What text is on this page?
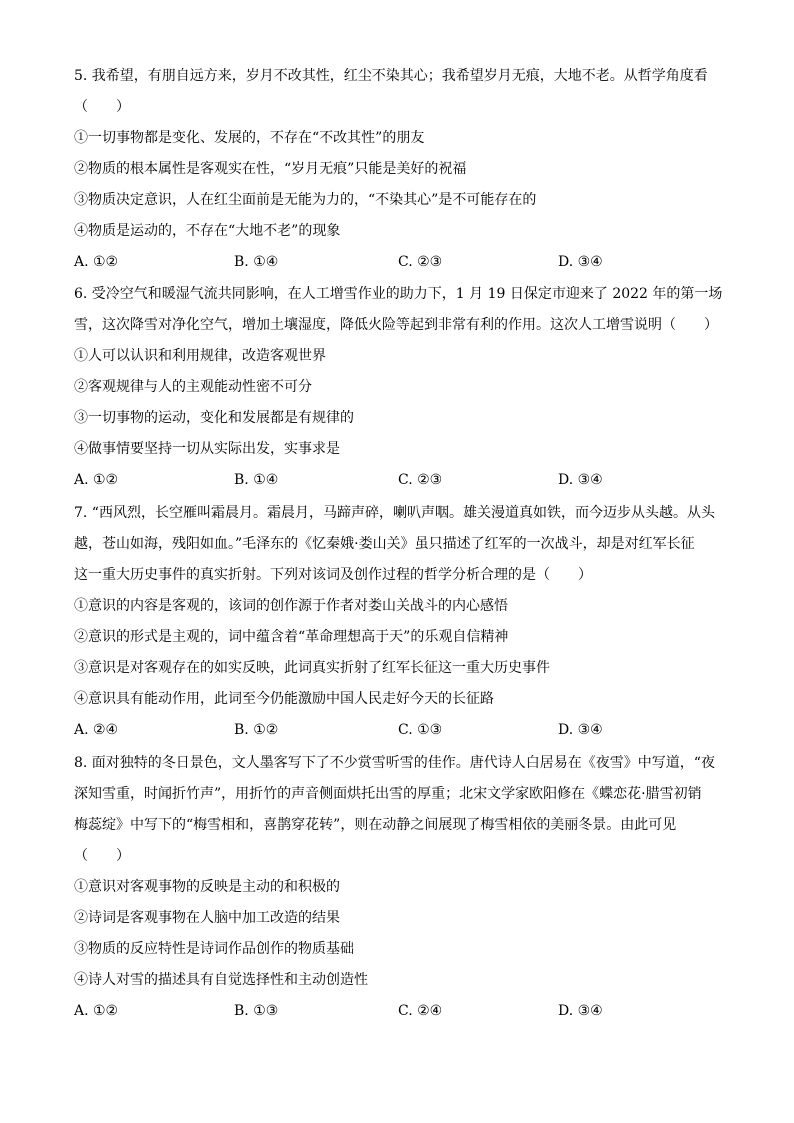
5. 我希望，有朋自远方来，岁月不改其性，红尘不染其心；我希望岁月无痕，大地不老。从哲学角度看
（　　）
①一切事物都是变化、发展的，不存在“不改其性”的朋友
②物质的根本属性是客观实在性，“岁月无痕”只能是美好的祝福
③物质决定意识，人在红尘面前是无能为力的，“不染其心”是不可能存在的
④物质是运动的，不存在“大地不老”的现象
A. ①②	B. ①④	C. ②③	D. ③④
6. 受冷空气和暖湿气流共同影响，在人工增雪作业的助力下，1 月 19 日保定市迎来了 2022 年的第一场
雪，这次降雪对净化空气，增加土壤湿度，降低火险等起到非常有利的作用。这次人工增雪说明（　　）
①人可以认识和利用规律，改造客观世界
②客观规律与人的主观能动性密不可分
③一切事物的运动，变化和发展都是有规律的
④做事情要坚持一切从实际出发，实事求是
A. ①②	B. ①④	C. ②③	D. ③④
7. “西风烈，长空雁叫霜晨月。霜晨月，马蹄声碎，喇叭声咽。雄关漫道真如铁，而今迈步从头越。从头
越，苍山如海，残阳如血。”毛泽东的《忆秦娥·娄山关》虽只描述了红军的一次战斗，却是对红军长征
这一重大历史事件的真实折射。下列对该词及创作过程的哲学分析合理的是（　　）
①意识的内容是客观的，该词的创作源于作者对娄山关战斗的内心感悟
②意识的形式是主观的，词中蕴含着“革命理想高于天”的乐观自信精神
③意识是对客观存在的如实反映，此词真实折射了红军长征这一重大历史事件
④意识具有能动作用，此词至今仍能激励中国人民走好今天的长征路
A. ②④	B. ①②	C. ①③	D. ③④
8. 面对独特的冬日景色，文人墨客写下了不少赏雪听雪的佳作。唐代诗人白居易在《夜雪》中写道，“夜
深知雪重，时闻折竹声”，用折竹的声音侧面烘托出雪的厚重；北宋文学家欧阳修在《蝶恋花·腊雪初销
梅蕊绽》中写下的“梅雪相和，喜鹊穿花转”，则在动静之间展现了梅雪相依的美丽冬景。由此可见
（　　）
①意识对客观事物的反映是主动的和积极的
②诗词是客观事物在人脑中加工改造的结果
③物质的反应特性是诗词作品创作的物质基础
④诗人对雪的描述具有自觉选择性和主动创造性
A. ①②	B. ①③	C. ②④	D. ③④
